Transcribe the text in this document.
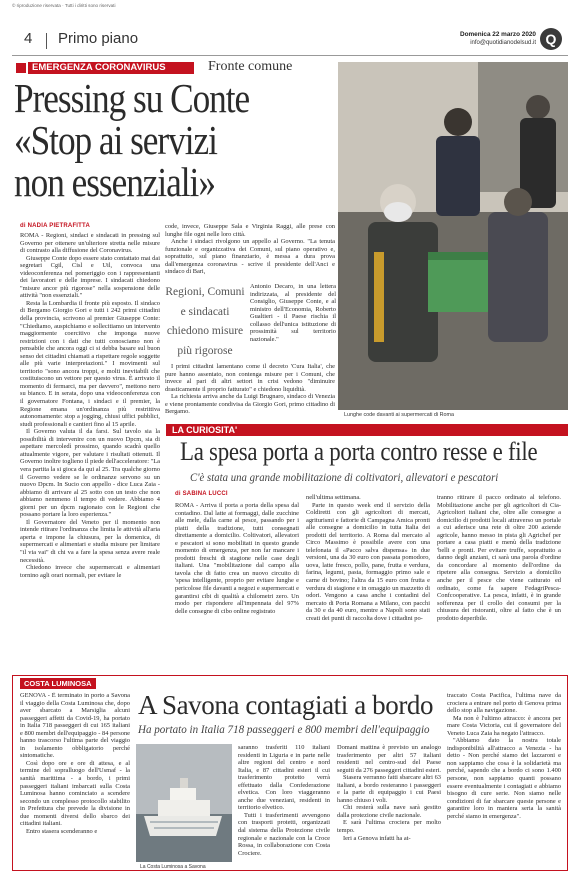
© riproduzione riservata · Tutti i diritti sono riservati
4 Primo piano	Domenica 22 marzo 2020
info@quotidianodelsud.it Q
EMERGENZA CORONAVIRUS	Fronte comune
Pressing su Conte
«Stop ai servizi
non essenziali»
di NADIA PIETRAFITTA

ROMA - Regioni, sindaci e sindacati in pressing sul Governo per ottenere un'ulteriore stretta nelle misure di contrasto alla diffusione del Coronavirus.

Giuseppe Conte dopo essere stato contattato mai dai segretari Cgil, Cisl e Uil, convoca una videoconferenza nel pomeriggio con i rappresentanti dei lavoratori e delle imprese. I sindacati chiedono "misure ancor più rigorose" nella sospensione delle attività "non essenziali."

Resta la Lombardia il fronte più esposto. Il sindaco di Bergamo Giorgio Gori e tutti i 242 primi cittadini della provincia, scrivono al premier Giuseppe Conte: "Chiediamo, auspichiamo e sollecitiamo un intervento maggiormente coercitivo che imponga nuove restrizioni con i dati che tutti conosciamo non è pensabile che ancora oggi ci si debba basare sul buon senso dei cittadini chiamati a rispettare regole soggette alle più varie interpretazioni." I movimenti sul territorio "sono ancora troppi, e molti inevitabili che costituiscono un vettore per questo virus. È arrivato il momento di fermarci, ma per davvero", mettono nero su bianco. E in serata, dopo una videoconferenza con il governatore Fontana, i sindaci e il premier, la Regione emana un'ordinanza più restrittiva autonomamente: stop a jogging, chiusi uffici pubblici, studi professionali e cantieri fino al 15 aprile.

Il Governo valuta il da farsi. Sul tavolo sia la possibilità di intervenire con un nuovo Dpcm, sia di aspettare mercoledì prossimo, quando scadrà quello attualmente vigore, per valutare i risultati ottenuti. Il Governo inoltre toglieno il piede dell'acceleratore: "La vera partita la si gioca da qui al 25. Tra qualche giorno il Governo vedere se le ordinanze servono su un nuovo Dpcm. In Sucio con appello - dice Luca Zaia - abbiamo di arrivare al 25 sotto con un testo che non abbiamo nemmeno il tempo di vedere. Abbiamo 4 giorni per un dpcm ragionato con le Regioni che possano portare la loro esperienza."

Il Governatore del Veneto per il momento non intende ritirare l'ordinanza che limita le attività all'aria aperta e impone la chiusura, per la domenica, di supermercati e alimentari e studia misure per limitare "il via vai" di chi va a fare la spesa senza avere reale necessità.

Chiedono invece che supermercati e alimentari tornino agli orari normali, per evitare le

code, invece, Giuseppe Sala e Virginia Raggi, alle prese con lunghe file ogni nelle loro città.

Anche i sindaci rivolgono un appello al Governo. "La tenuta funzionale e organizzativa dei Comuni, sul piano operativo e, soprattutto, sul piano finanziario, è messa a dura prova dall'emergenza coronavirus - scrive il presidente dell'Anci e sindaco di Bari,

Regioni, Comuni e sindacati chiedono misure più rigorose

Antonio Decaro, in una lettera indirizzata, al presidente del Consiglio, Giuseppe Conte, e al ministro dell'Economia, Roberto Gualtieri - il Paese rischia il collasso dell'unica istituzione di prossimità sul territorio nazionale."

I primi cittadini lamentano come il decreto 'Cura Italia', che pure hanno assentato, non contenga misure per i Comuni, che invece al pari di altri settori in crisi vedono "diminuire drasticamente il proprio fatturato" e chiedono liquidità.

La richiesta arriva anche da Luigi Brugnaro, sindaco di Venezia e viene prontamente condivisa da Giorgio Gori, primo cittadino di Bergamo.	Lunghe code davanti ai supermercati di Roma
LA CURIOSITA'
La spesa porta a porta contro resse e file
C'è stata una grande mobilitazione di coltivatori, allevatori e pescatori
di SABINA LUCCI

ROMA - Arriva il porta a porta della spesa dal contadino. Dal latte ai formaggi, dalle zucchine alle mele, dalla carne al pesce, passando per i piatti della tradizione, tutti consegnati direttamente a domicilio. Coltivatori, allevatori e pescatori si sono mobilitati in questo grande momento di emergenza, per non far mancare i prodotti freschi di stagione nelle case degli italiani. Una "mobilitazione dal campo alla tavola che di fatto crea un nuovo circuito di 'spesa intelligente, proprio per evitare lunghe e pericolose file davanti a negozi e supermercati e garantirsi cibi di qualità a chilometri zero. Un modo per rispondere all'impennata del 97% delle consegne di cibo online registrato

nell'ultima settimana.

Parte in questo week end il servizio della Coldiretti con gli agricoltori di mercati, agriturismi e fattorie di Campagna Amica pronti alle consegne a domicilio in tutta Italia dei prodotti del territorio. A Roma dal mercato al Circo Massimo è possibile avere con una telefonata il «Pacco salva dispensa» in due versioni, una da 30 euro con passata pomodoro, uova, latte fresco, pollo, pane, frutta e verdura, farina, legumi, pasta, formaggio primo sale e carne di bovino; l'altra da 15 euro con frutta e verdura di stagione e in omaggio un mazzetto di odori. Vengono a casa anche i contadini del mercato di Porta Romana a Milano, con pacchi da 30 e da 40 euro, mentre a Napoli sono stati creati dei punti di raccolta dove i cittadini po-

tranno ritirare il pacco ordinato al telefono. Mobilitazione anche per gli agricoltori di Cia-Agricoltori italiani che, oltre alle consegne a domicilio di prodotti locali attraverso un portale a cui aderisce una rete di oltre 200 aziende agricole, hanno messo in pista gli Agrichef per portare a casa piatti e menù della tradizione 'belli e pronti. Per evitare truffe, soprattutto a danno degli anziani, ci sarà una parola d'ordine da concordare al momento dell'ordine da ripetere alla consegna. Servizio a domicilio anche per il pesce che viene catturato ed ordinato, come fa sapere FedagriPesca-Confcooperative. La pesca, infatti, è in grande sofferenza per il crollo dei consumi per la chiusura dei ristoranti, oltre al fatto che è un prodotto deperibile.

COSTA LUMINOSA
A Savona contagiati a bordo
Ha portato in Italia 718 passeggeri e 800 membri dell'equipaggio

GENOVA - È terminato in porto a Savona il viaggio della Costa Luminosa che, dopo aver sbarcato a Marsiglia alcuni passeggeri affetti da Covid-19, ha portato in Italia 718 passeggeri di cui 165 italiani e 800 membri dell'equipaggio - 84 persone hanno trascorso l'ultima parte del viaggio in isolamento obbligatorio perché sintomatiche.

Così dopo ore e ore di attesa, e al termine del sopralluogo dell'Usmaf - la sanità marittima - a bordo, i primi passeggeri italiani imbarcati sulla Costa Luminosa hanno cominciato a scendere secondo un complesso protocollo stabilito in Prefettura che prevede la divisione in due momenti diversi dello sbarco dei cittadini italiani.

Entro stasera scenderanno e

La Costa Luminosa a Savona

saranno trasferiti 110 italiani residenti in Liguria e in parte nelle altre regioni del centro e nord Italia, e 87 cittadini esteri il cui trasferimento protetto verrà effettuato dalla Confederazione elvetica. Con loro viaggeranno anche due veneziani, residenti in territorio elvetico.

Tutti i trasferimenti avvengono con trasporti protetti, organizzati dal sistema della Protezione civile regionale e nazionale con la Croce Rossa, in collaborazione con Costa Crociere.

Domani mattina è previsto un analogo trasferimento per altri 57 italiani residenti nel centro-sud del Paese seguiti da 276 passeggeri cittadini esteri.

Stasera verranno fatti sbarcare altri 63 italiani, a bordo resteranno i passeggeri e la parte di equipaggio i cui Paesi hanno chiuso i voli.

Chi resterà sulla nave sarà gestito dalla protezione civile nazionale.

E sarà l'ultima crociera per molto tempo.

Ieri a Genova infatti ha at-

traccato Costa Pacifica, l'ultima nave da crociera a entrare nel porto di Genova prima dello stop alla navigazione.

Ma non è l'ultimo attracco: è ancora per mare Costa Victoria, cui il governatore del Veneto Luca Zaia ha negato l'attracco.

"Abbiamo dato la nostra totale indisponibilità all'attracco a Venezia - ha detto - Non perché siamo dei lazzaroni e non sappiamo che cosa è la solidarietà ma perché, sapendo che a bordo ci sono 1.400 persone, non sappiamo quanti possano essere eventualmente i contagiati e abbiamo bisogno di cure serie. Non siamo nelle condizioni di far sbarcare queste persone e garantire loro in maniera seria la sanità perché siamo in emergenza".
